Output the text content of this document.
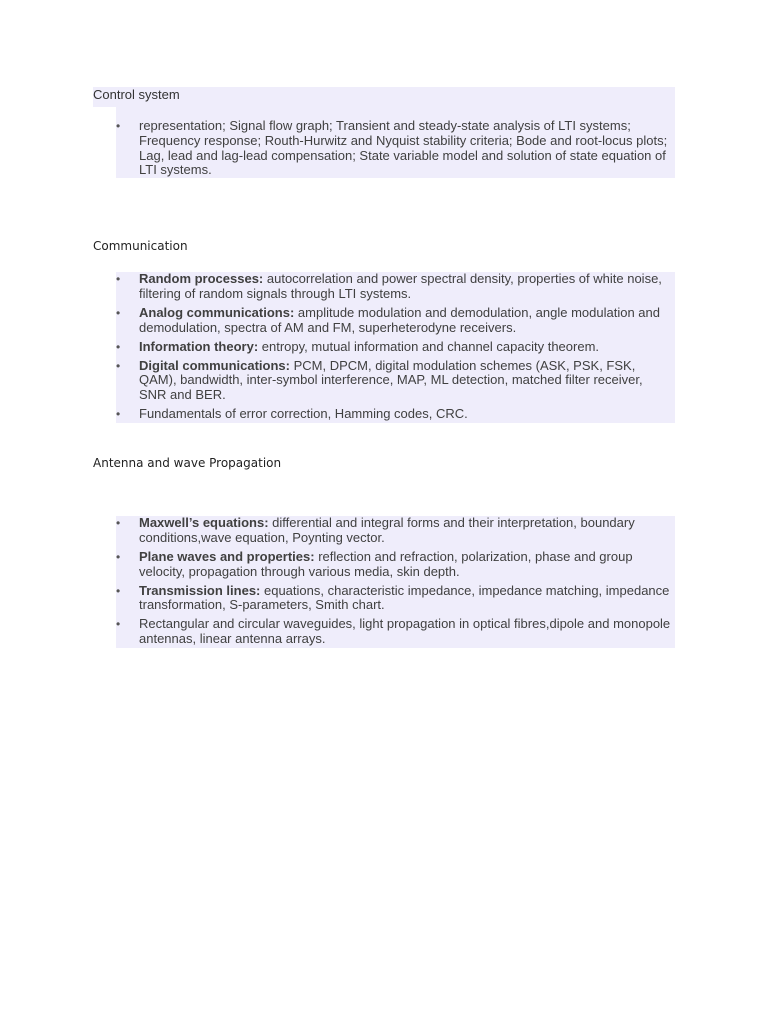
Control system
• representation; Signal flow graph; Transient and steady-state analysis of LTI systems; Frequency response; Routh-Hurwitz and Nyquist stability criteria; Bode and root-locus plots; Lag, lead and lag-lead compensation; State variable model and solution of state equation of LTI systems.
Communication
• Random processes: autocorrelation and power spectral density, properties of white noise, filtering of random signals through LTI systems.
• Analog communications: amplitude modulation and demodulation, angle modulation and demodulation, spectra of AM and FM, superheterodyne receivers.
• Information theory: entropy, mutual information and channel capacity theorem.
• Digital communications: PCM, DPCM, digital modulation schemes (ASK, PSK, FSK, QAM), bandwidth, inter-symbol interference, MAP, ML detection, matched filter receiver, SNR and BER.
• Fundamentals of error correction, Hamming codes, CRC.
Antenna and wave Propagation
• Maxwell’s equations: differential and integral forms and their interpretation, boundary conditions,wave equation, Poynting vector.
• Plane waves and properties: reflection and refraction, polarization, phase and group velocity, propagation through various media, skin depth.
• Transmission lines: equations, characteristic impedance, impedance matching, impedance transformation, S-parameters, Smith chart.
• Rectangular and circular waveguides, light propagation in optical fibres,dipole and monopole antennas, linear antenna arrays.
